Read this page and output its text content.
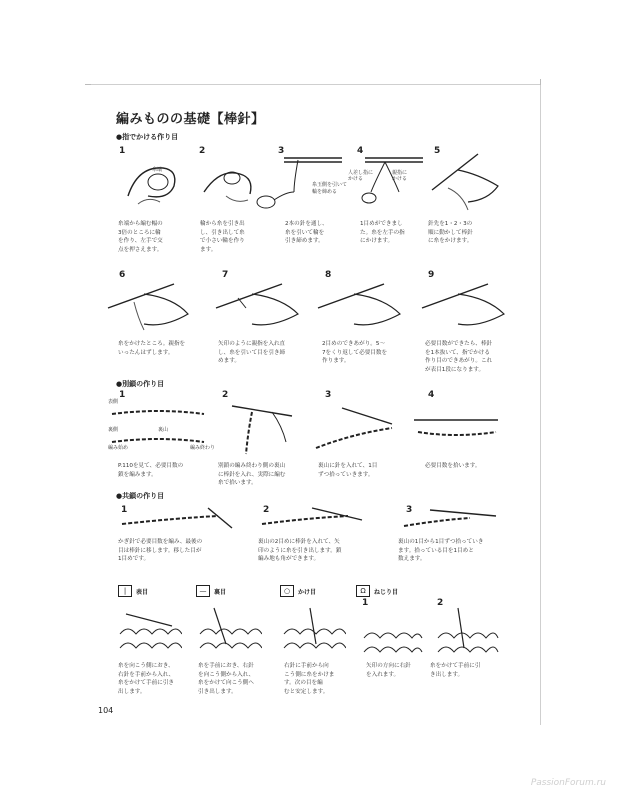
編みものの基礎【棒針】
●指でかける作り目
1
糸端
糸端から編む幅の
3倍のところに輪
を作り、左手で交
点を押さえます。
2
輪から糸を引き出
し、引き出して糸
で小さい輪を作り
ます。
3
糸玉側を引いて
輪を締める
2本の針を通し、
糸を引いて輪を
引き締めます。
4
人差し指に
かける
親指に
かける
1目めができまし
た。糸を左手の指
にかけます。
5
針先を1・2・3の
順に動かして棒針
に糸をかけます。
6
糸をかけたところ。親指を
いったんはずします。
7
矢印のように親指を入れ直
し、糸を引いて目を引き締
めます。
8
2目めのできあがり。5〜
7をくり返して必要目数を
作ります。
9
必要目数ができたら、棒針
を1本抜いて、指でかける
作り目のできあがり。これ
が表目1段になります。
●別鎖の作り目
1
表側
裏側	裏山
編み始め	編み終わり
P.110を見て、必要目数の
鎖を編みます。
2
別鎖の編み終わり側の裏山
に棒針を入れ、実際に編む
糸で拾います。
3
裏山に針を入れて、1目
ずつ拾っていきます。
4
必要目数を拾います。
●共鎖の作り目
1
かぎ針で必要目数を編み、最後の
目は棒針に移します。移した目が
1目めです。
2
裏山の2目めに棒針を入れて、矢
印のように糸を引き出します。鎖
編み地も角ができます。
3
裏山の1目から1目ずつ拾っていき
ます。拾っている目を1目めと
数えます。
|	表目
糸を向こう側におき、
右針を手前から入れ、
糸をかけて手前に引き
出します。
—	裏目
糸を手前におき、右針
を向こう側から入れ、
糸をかけて向こう側へ
引き出します。
○	かけ目
右針に手前から向
こう側に糸をかけま
す。次の目を編
むと安定します。
Ω	ねじり目
1
矢印の方向に右針
を入れます。
2
糸をかけて手前に引
き出します。
104
PassionForum.ru
